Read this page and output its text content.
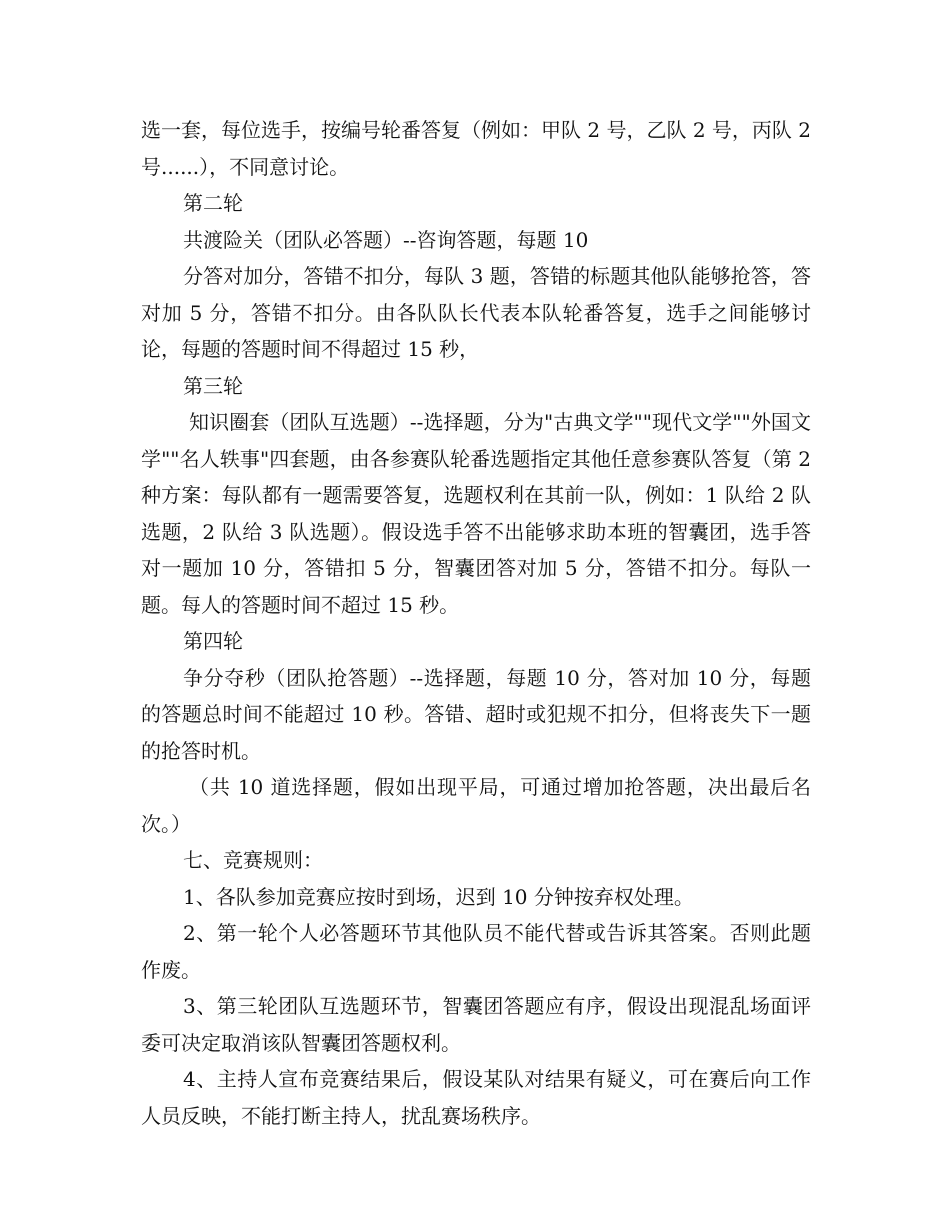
选一套，每位选手，按编号轮番答复（例如：甲队 2 号，乙队 2 号，丙队 2 号......），不同意讨论。

第二轮

共渡险关（团队必答题）--咨询答题，每题 10

分答对加分，答错不扣分，每队 3 题，答错的标题其他队能够抢答，答对加 5 分，答错不扣分。由各队队长代表本队轮番答复，选手之间能够讨论，每题的答题时间不得超过 15 秒，

第三轮

知识圈套（团队互选题）--选择题，分为"古典文学""现代文学""外国文学""名人轶事"四套题，由各参赛队轮番选题指定其他任意参赛队答复（第 2 种方案：每队都有一题需要答复，选题权利在其前一队，例如：1 队给 2 队选题，2 队给 3 队选题）。假设选手答不出能够求助本班的智囊团，选手答对一题加 10 分，答错扣 5 分，智囊团答对加 5 分，答错不扣分。每队一题。每人的答题时间不超过 15 秒。

第四轮

争分夺秒（团队抢答题）--选择题，每题 10 分，答对加 10 分，每题的答题总时间不能超过 10 秒。答错、超时或犯规不扣分，但将丧失下一题的抢答时机。

（共 10 道选择题，假如出现平局，可通过增加抢答题，决出最后名次。）

七、竞赛规则：

1、各队参加竞赛应按时到场，迟到 10 分钟按弃权处理。

2、第一轮个人必答题环节其他队员不能代替或告诉其答案。否则此题作废。

3、第三轮团队互选题环节，智囊团答题应有序，假设出现混乱场面评委可决定取消该队智囊团答题权利。

4、主持人宣布竞赛结果后，假设某队对结果有疑义，可在赛后向工作人员反映，不能打断主持人，扰乱赛场秩序。
